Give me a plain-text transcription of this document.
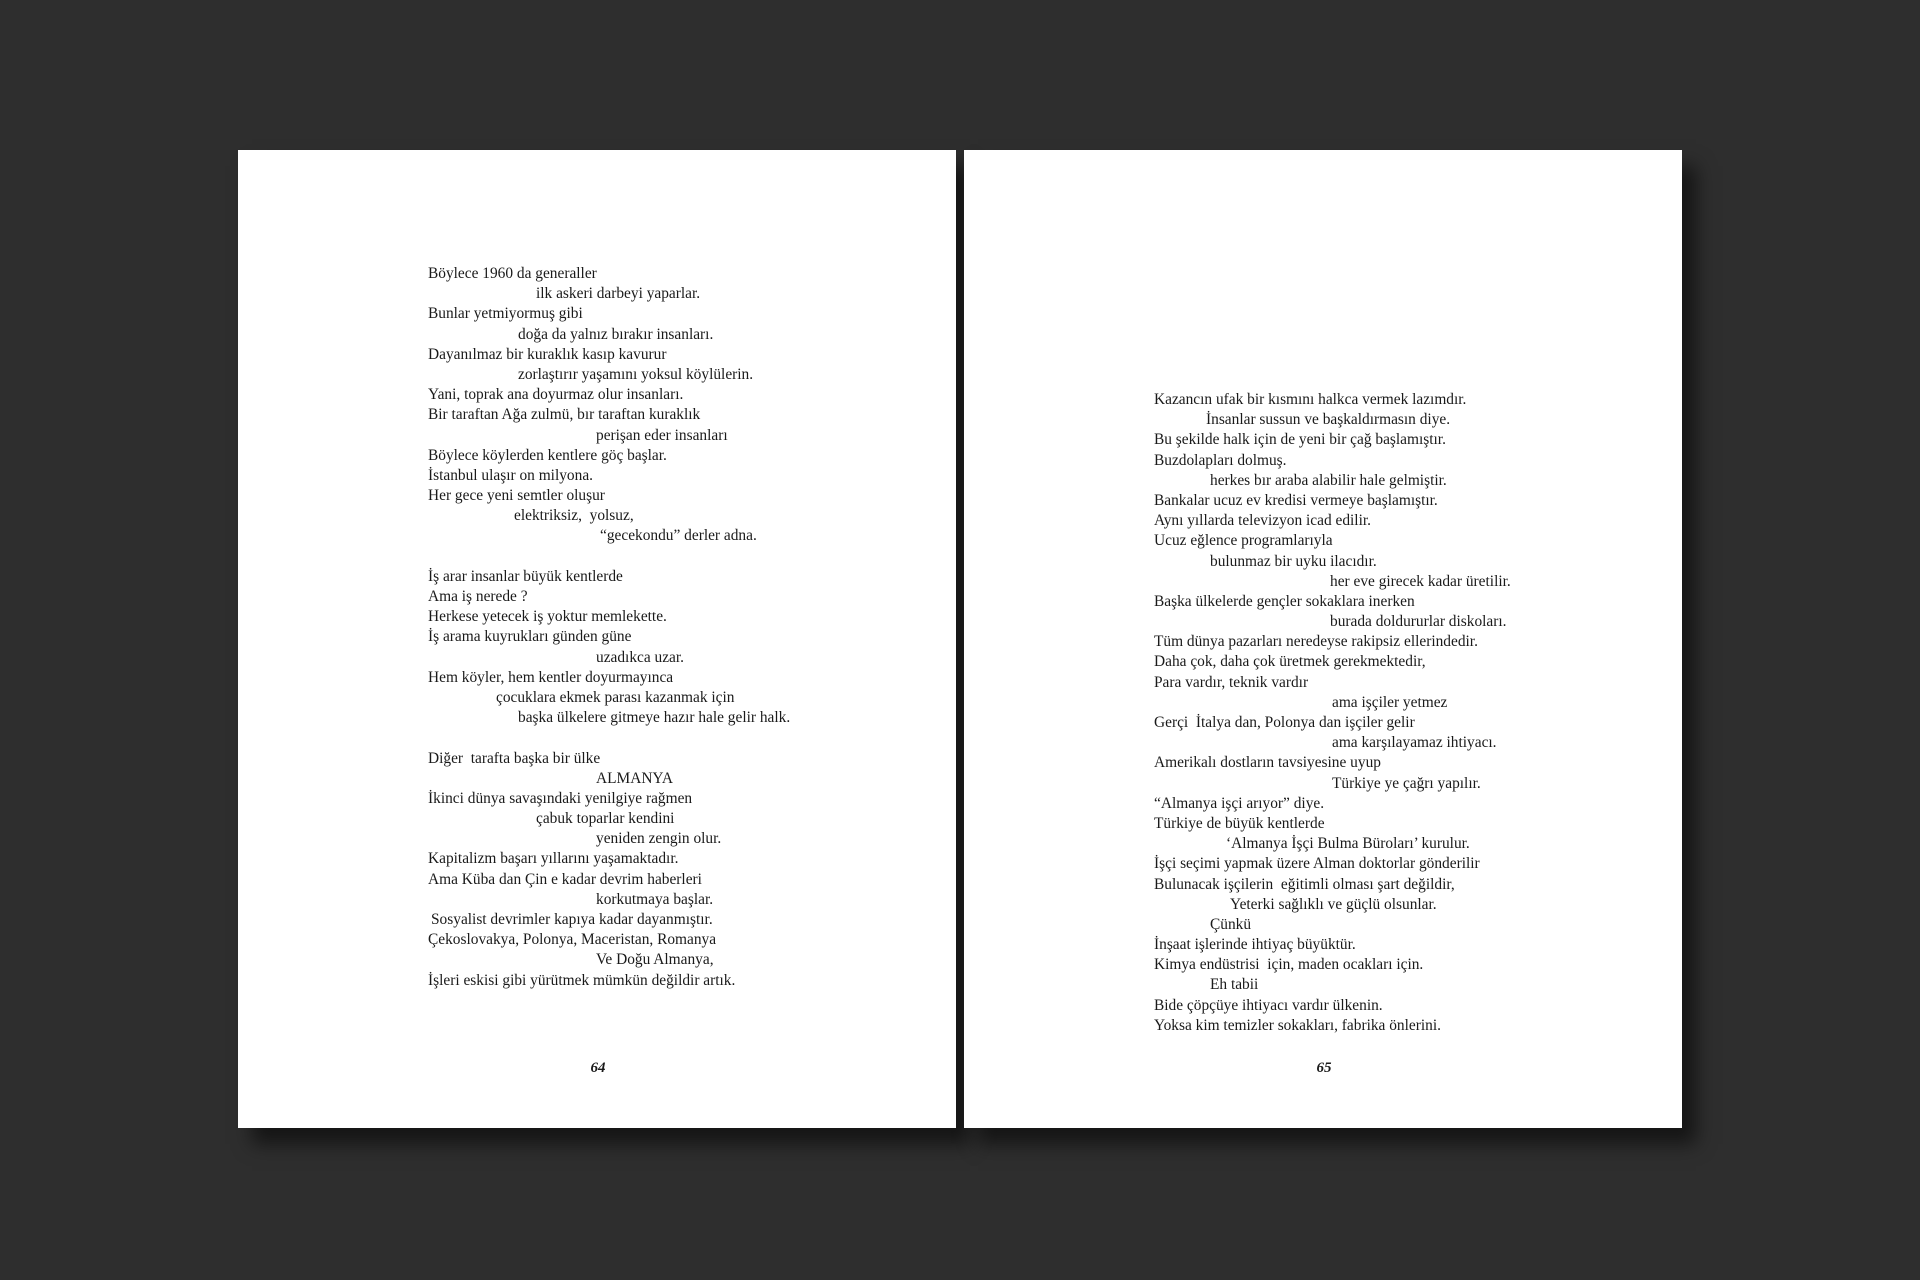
Böylece 1960 da generaller
ilk askeri darbeyi yaparlar.
Bunlar yetmiyormuş gibi
doğa da yalnız bırakır insanları.
Dayanılmaz bir kuraklık kasıp kavurur
zorlaştırır yaşamını yoksul köylülerin.
Yani, toprak ana doyurmaz olur insanları.
Bir taraftan Ağa zulmü, bır taraftan kuraklık
perişan eder insanları
Böylece köylerden kentlere göç başlar.
İstanbul ulaşır on milyona.
Her gece yeni semtler oluşur
elektriksiz,  yolsuz,
“gecekondu” derler adna.
İş arar insanlar büyük kentlerde
Ama iş nerede ?
Herkese yetecek iş yoktur memlekette.
İş arama kuyrukları günden güne
uzadıkca uzar.
Hem köyler, hem kentler doyurmayınca
çocuklara ekmek parası kazanmak için
başka ülkelere gitmeye hazır hale gelir halk.
Diğer  tarafta başka bir ülke
ALMANYA
İkinci dünya savaşındaki yenilgiye rağmen
çabuk toparlar kendini
yeniden zengin olur.
Kapitalizm başarı yıllarını yaşamaktadır.
Ama Küba dan Çin e kadar devrim haberleri
korkutmaya başlar.
Sosyalist devrimler kapıya kadar dayanmıştır.
Çekoslovakya, Polonya, Maceristan, Romanya
Ve Doğu Almanya,
İşleri eskisi gibi yürütmek mümkün değildir artık.
64
Kazancın ufak bir kısmını halkca vermek lazımdır.
İnsanlar sussun ve başkaldırmasın diye.
Bu şekilde halk için de yeni bir çağ başlamıştır.
Buzdolapları dolmuş.
herkes bır araba alabilir hale gelmiştir.
Bankalar ucuz ev kredisi vermeye başlamıştır.
Aynı yıllarda televizyon icad edilir.
Ucuz eğlence programlarıyla
bulunmaz bir uyku ilacıdır.
her eve girecek kadar üretilir.
Başka ülkelerde gençler sokaklara inerken
burada doldururlar diskoları.
Tüm dünya pazarları neredeyse rakipsiz ellerindedir.
Daha çok, daha çok üretmek gerekmektedir,
Para vardır, teknik vardır
ama işçiler yetmez
Gerçi  İtalya dan, Polonya dan işçiler gelir
ama karşılayamaz ihtiyacı.
Amerikalı dostların tavsiyesine uyup
Türkiye ye çağrı yapılır.
“Almanya işçi arıyor” diye.
Türkiye de büyük kentlerde
‘Almanya İşçi Bulma Büroları’ kurulur.
İşçi seçimi yapmak üzere Alman doktorlar gönderilir
Bulunacak işçilerin  eğitimli olması şart değildir,
Yeterki sağlıklı ve güçlü olsunlar.
Çünkü
İnşaat işlerinde ihtiyaç büyüktür.
Kimya endüstrisi  için, maden ocakları için.
Eh tabii
Bide çöpçüye ihtiyacı vardır ülkenin.
Yoksa kim temizler sokakları, fabrika önlerini.
65
